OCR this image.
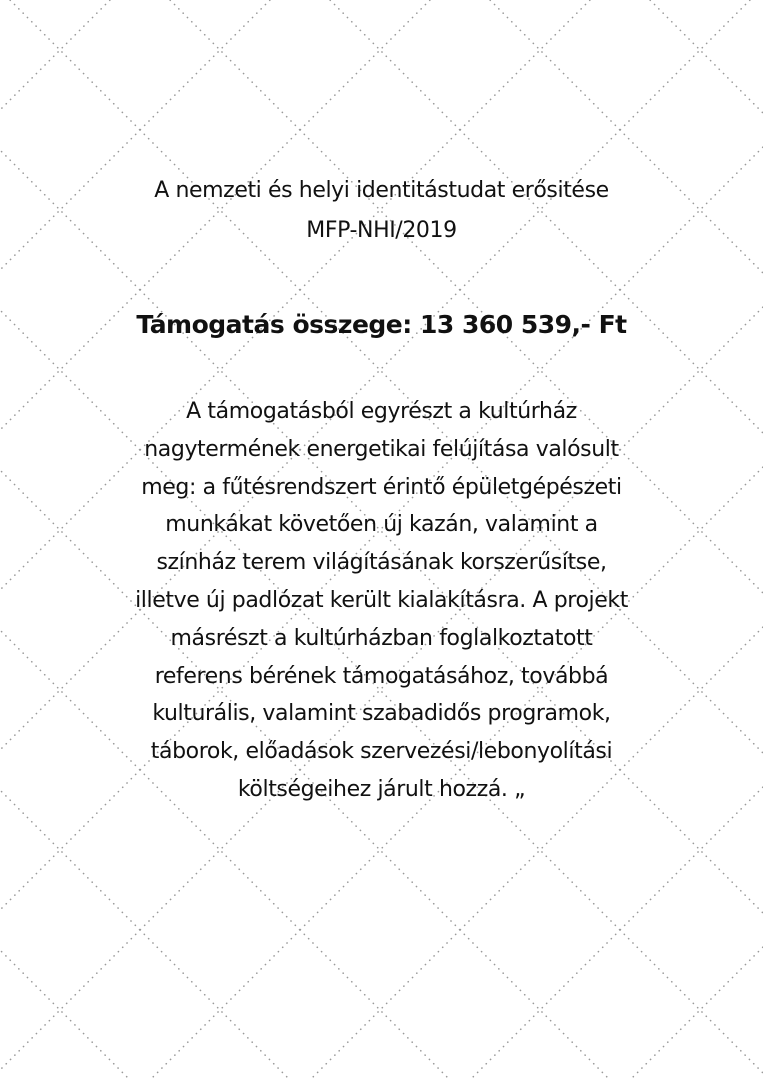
A nemzeti és helyi identitástudat erősitése
MFP-NHI/2019
Támogatás összege: 13 360 539,- Ft

A támogatásból egyrészt a kultúrház
nagytermének energetikai felújítása valósult
meg: a fűtésrendszert érintő épületgépészeti
munkákat követően új kazán, valamint a
színház terem világításának korszerűsítse,
illetve új padlózat került kialakításra. A projekt
másrészt a kultúrházban foglalkoztatott
referens bérének támogatásához, továbbá
kulturális, valamint szabadidős programok,
táborok, előadások szervezési/lebonyolítási
költségeihez járult hozzá. „
